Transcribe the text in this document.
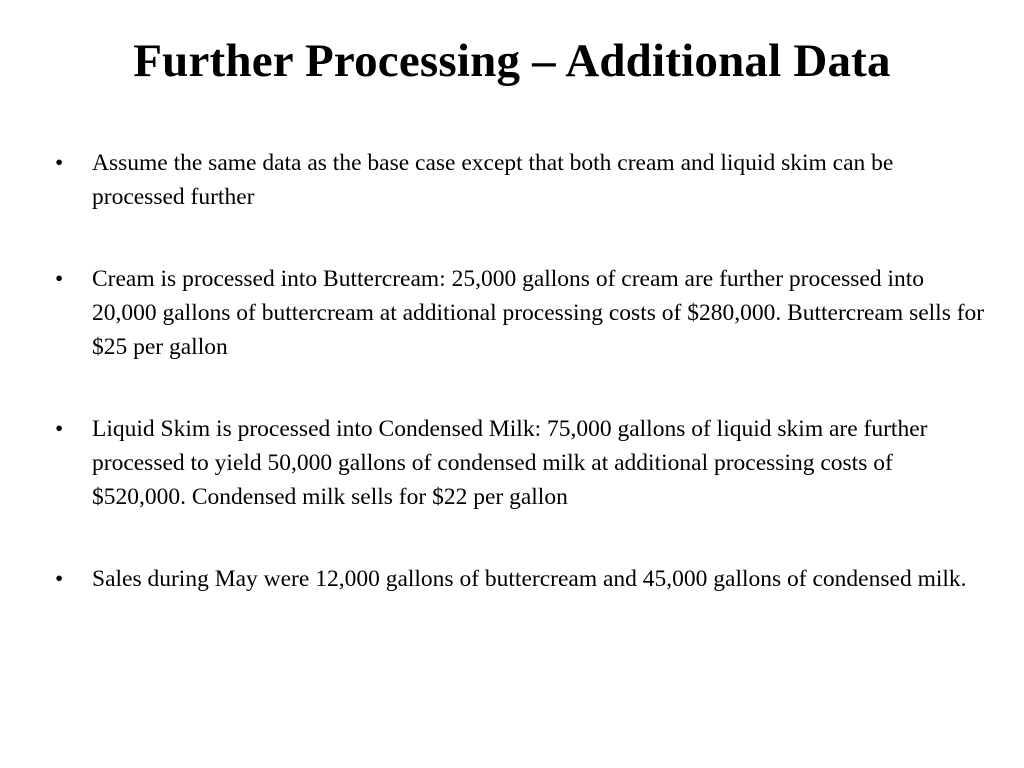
Further Processing – Additional Data
•	Assume the same data as the base case except that both cream and liquid skim can be processed further
•	Cream is processed into Buttercream: 25,000 gallons of cream are further processed into 20,000 gallons of buttercream at additional processing costs of $280,000. Buttercream sells for $25 per gallon
•	Liquid Skim is processed into Condensed Milk: 75,000 gallons of liquid skim are further processed to yield 50,000 gallons of condensed milk at additional processing costs of $520,000. Condensed milk sells for $22 per gallon
•	Sales during May were 12,000 gallons of buttercream and 45,000 gallons of condensed milk.
